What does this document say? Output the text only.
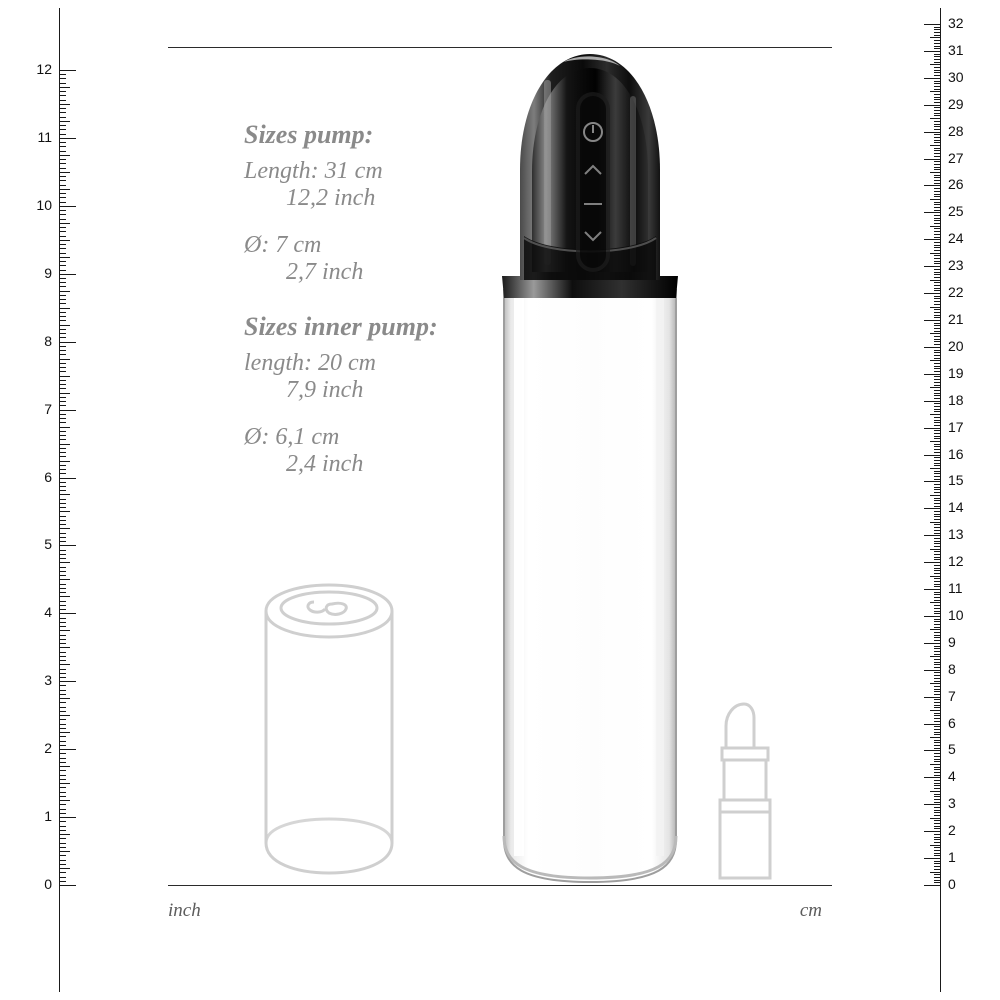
inch
0
1
2
3
4
5
6
7
8
9
10
11
12
cm
0
1
2
3
4
5
6
7
8
9
10
11
12
13
14
15
16
17
18
19
20
21
22
23
24
25
26
27
28
29
30
31
32

Sizes pump:

Length: 31 cm

12,2 inch

Ø: 7 cm

2,7 inch

Sizes inner pump:

length: 20 cm

7,9 inch

Ø: 6,1 cm

2,4 inch
